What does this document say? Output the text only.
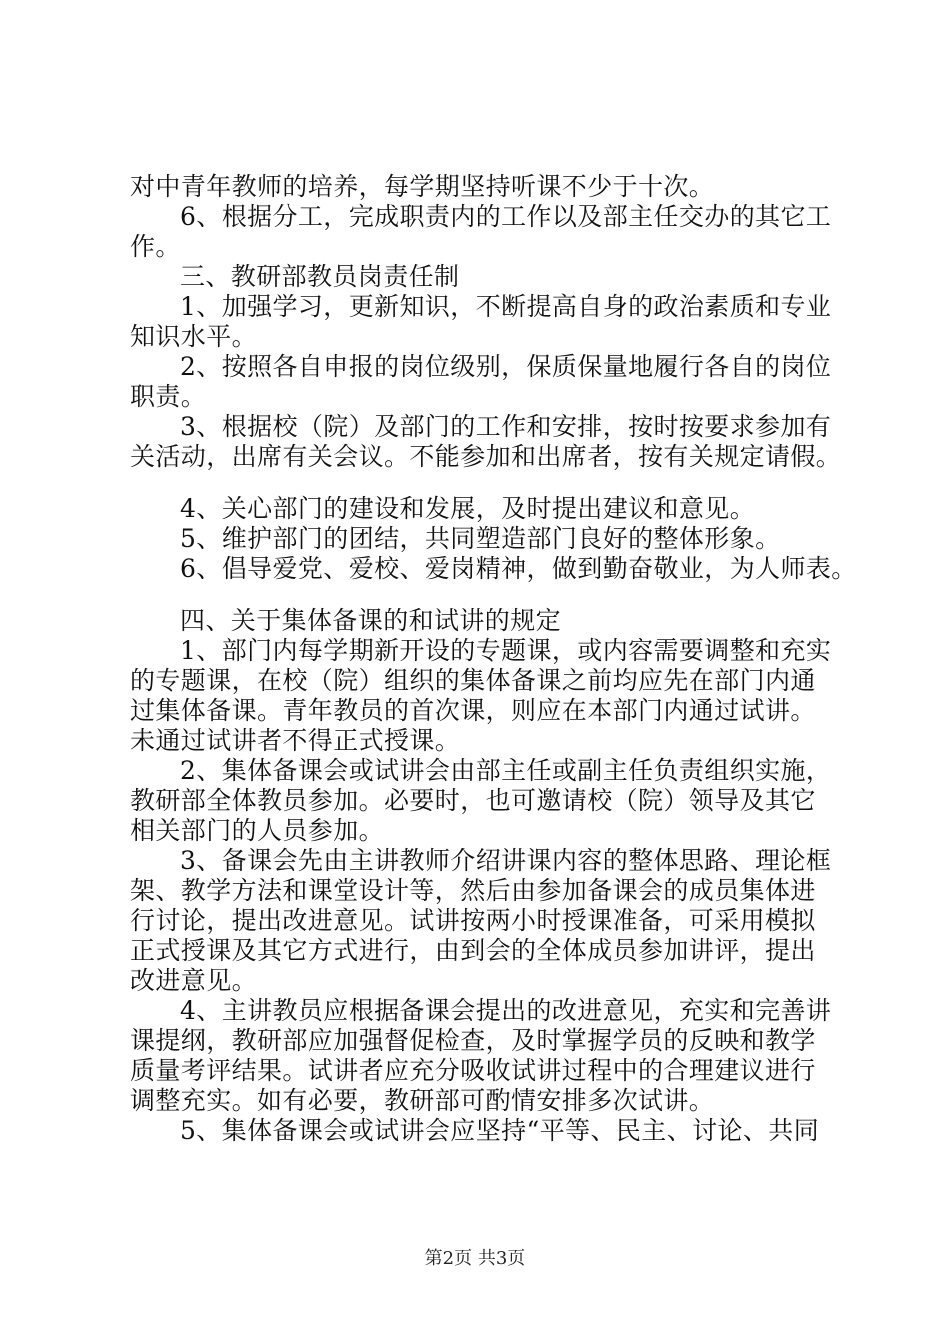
对中青年教师的培养，每学期坚持听课不少于十次。
6、根据分工，完成职责内的工作以及部主任交办的其它工
作。
三、教研部教员岗责任制
1、加强学习，更新知识，不断提高自身的政治素质和专业
知识水平。
2、按照各自申报的岗位级别，保质保量地履行各自的岗位
职责。
3、根据校（院）及部门的工作和安排，按时按要求参加有
关活动，出席有关会议。不能参加和出席者，按有关规定请假。
4、关心部门的建设和发展，及时提出建议和意见。
5、维护部门的团结，共同塑造部门良好的整体形象。
6、倡导爱党、爱校、爱岗精神，做到勤奋敬业，为人师表。
四、关于集体备课的和试讲的规定
1、部门内每学期新开设的专题课，或内容需要调整和充实
的专题课，在校（院）组织的集体备课之前均应先在部门内通
过集体备课。青年教员的首次课，则应在本部门内通过试讲。
未通过试讲者不得正式授课。
2、集体备课会或试讲会由部主任或副主任负责组织实施，
教研部全体教员参加。必要时，也可邀请校（院）领导及其它
相关部门的人员参加。
3、备课会先由主讲教师介绍讲课内容的整体思路、理论框
架、教学方法和课堂设计等，然后由参加备课会的成员集体进
行讨论，提出改进意见。试讲按两小时授课准备，可采用模拟
正式授课及其它方式进行，由到会的全体成员参加讲评，提出
改进意见。
4、主讲教员应根据备课会提出的改进意见，充实和完善讲
课提纲，教研部应加强督促检查，及时掌握学员的反映和教学
质量考评结果。试讲者应充分吸收试讲过程中的合理建议进行
调整充实。如有必要，教研部可酌情安排多次试讲。
5、集体备课会或试讲会应坚持“平等、民主、讨论、共同
第2页 共3页
